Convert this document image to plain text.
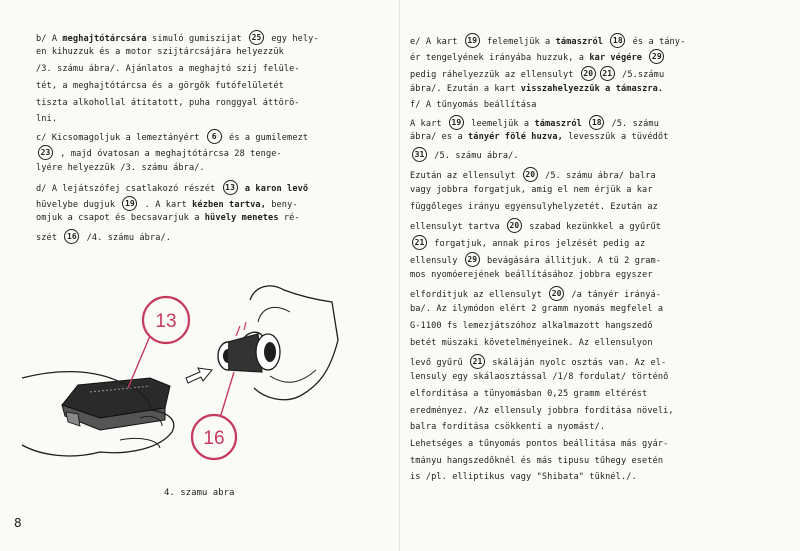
b/ A meghajtótárcsára simuló gumiszijat 25 egy hely-
en kihuzzuk és a motor szijtárcsájára helyezzük
/3. számu ábra/. Ajánlatos a meghajtó szij felüle-
tét, a meghajtótárcsa és a görgők futófelületét
tiszta alkohollal átitatott, puha ronggyal áttörö-
lni.
c/ Kicsomagoljuk a lemeztányért 6 és a gumilemezt
23 , majd óvatosan a meghajtótárcsa 28 tenge-
lyére helyezzük /3. számu ábra/.
d/ A lejátszófej csatlakozó részét 13 a karon levő
hüvelybe dugjuk 19 . A kart kézben tartva, beny-
omjuk a csapot és becsavarjuk a hüvely menetes ré-
szét 16 /4. számu ábra/.
13
16
4. szamu abra
8
e/ A kart 19 felemeljük a támaszról 18 és a tány-
ér tengelyének irányába huzzuk, a kar végére 29
pedig ráhelyezzük az ellensulyt 20 21 /5.számu
ábra/. Ezután a kart visszahelyezzük a támaszra.
f/ A tűnyomás beállítása
A kart 19 leemeljük a támaszról 18 /5. számu
ábra/ es a tányér fölé huzva, levesszük a tüvédőt
31 /5. számu ábra/.
Ezután az ellensulyt 20 /5. számu ábra/ balra
vagy jobbra forgatjuk, amig el nem érjük a kar
függőleges irányu egyensulyhelyzetét. Ezután az
ellensulyt tartva 20 szabad kezünkkel a gyűrűt
21 forgatjuk, annak piros jelzését pedig az
ellensuly 29 bevágására állitjuk. A tű 2 gram-
mos nyomóerejének beállításához jobbra egyszer
elforditjuk az ellensulyt 20 /a tányér irányá-
ba/. Az ilymódon elért 2 gramm nyomás megfelel a
G-1100 fs lemezjátszóhoz alkalmazott hangszedő
betét müszaki követelményeinek. Az ellensulyon
levő gyűrű 21 skáláján nyolc osztás van. Az el-
lensuly egy skálaosztással /1/8 fordulat/ történő
elforditása a tünyomásban 0,25 gramm eltérést
eredményez. /Az ellensuly jobbra forditása növeli,
balra forditása csökkenti a nyomást/.
Lehetséges a tűnyomás pontos beállitása más gyár-
tmányu hangszedőknél és más tipusu tűhegy esetén
is /pl. elliptikus vagy "Shibata" tüknél./.
